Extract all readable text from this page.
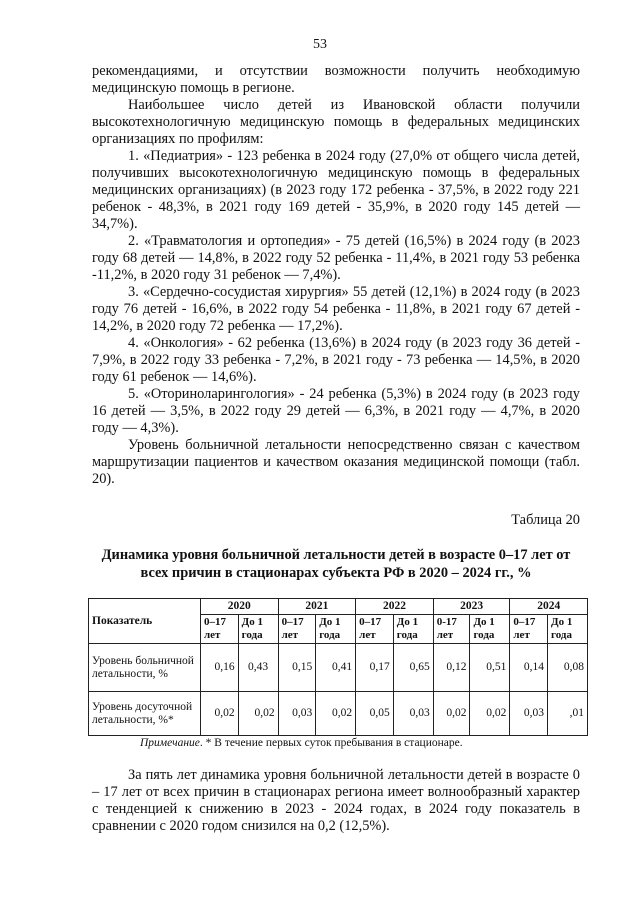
53

рекомендациями, и отсутствии возможности получить необходимую медицинскую помощь в регионе.

Наибольшее число детей из Ивановской области получили высокотехнологичную медицинскую помощь в федеральных медицинских организациях по профилям:

1. «Педиатрия» - 123 ребенка в 2024 году (27,0% от общего числа детей, получивших высокотехнологичную медицинскую помощь в федеральных медицинских организациях) (в 2023 году 172 ребенка - 37,5%, в 2022 году 221 ребенок - 48,3%, в 2021 году 169 детей - 35,9%, в 2020 году 145 детей — 34,7%).

2. «Травматология и ортопедия» - 75 детей (16,5%) в 2024 году (в 2023 году 68 детей — 14,8%, в 2022 году 52 ребенка - 11,4%, в 2021 году 53 ребенка -11,2%, в 2020 году 31 ребенок — 7,4%).

3. «Сердечно-сосудистая хирургия» 55 детей (12,1%) в 2024 году (в 2023 году 76 детей - 16,6%, в 2022 году 54 ребенка - 11,8%, в 2021 году 67 детей - 14,2%, в 2020 году 72 ребенка — 17,2%).

4. «Онкология» - 62 ребенка (13,6%) в 2024 году (в 2023 году 36 детей - 7,9%, в 2022 году 33 ребенка - 7,2%, в 2021 году - 73 ребенка — 14,5%, в 2020 году 61 ребенок — 14,6%).

5. «Оториноларингология» - 24 ребенка (5,3%) в 2024 году (в 2023 году 16 детей — 3,5%, в 2022 году 29 детей — 6,3%, в 2021 году — 4,7%, в 2020 году — 4,3%).

Уровень больничной летальности непосредственно связан с качеством маршрутизации пациентов и качеством оказания медицинской помощи (табл. 20).

Таблица 20
Динамика уровня больничной летальности детей в возрасте 0–17 лет от всех причин в стационарах субъекта РФ в 2020 – 2024 гг., %
Показатель	2020		2021		2022		2023		2024	
	0–17 лет	До 1 года	0–17 лет	До 1 года	0–17 лет	До 1 года	0-17 лет	До 1 года	0–17 лет	До 1 года
Уровень больничной летальности, %	0,16	0,43	0,15	0,41	0,17	0,65	0,12	0,51	0,14	0,08
Уровень досуточной летальности, %*	0,02	0,02	0,03	0,02	0,05	0,03	0,02	0,02	0,03	,01
Примечание. * В течение первых суток пребывания в стационаре.

За пять лет динамика уровня больничной летальности детей в возрасте 0 – 17 лет от всех причин в стационарах региона имеет волнообразный характер с тенденцией к снижению в 2023 - 2024 годах, в 2024 году показатель в сравнении с 2020 годом снизился на 0,2 (12,5%).
